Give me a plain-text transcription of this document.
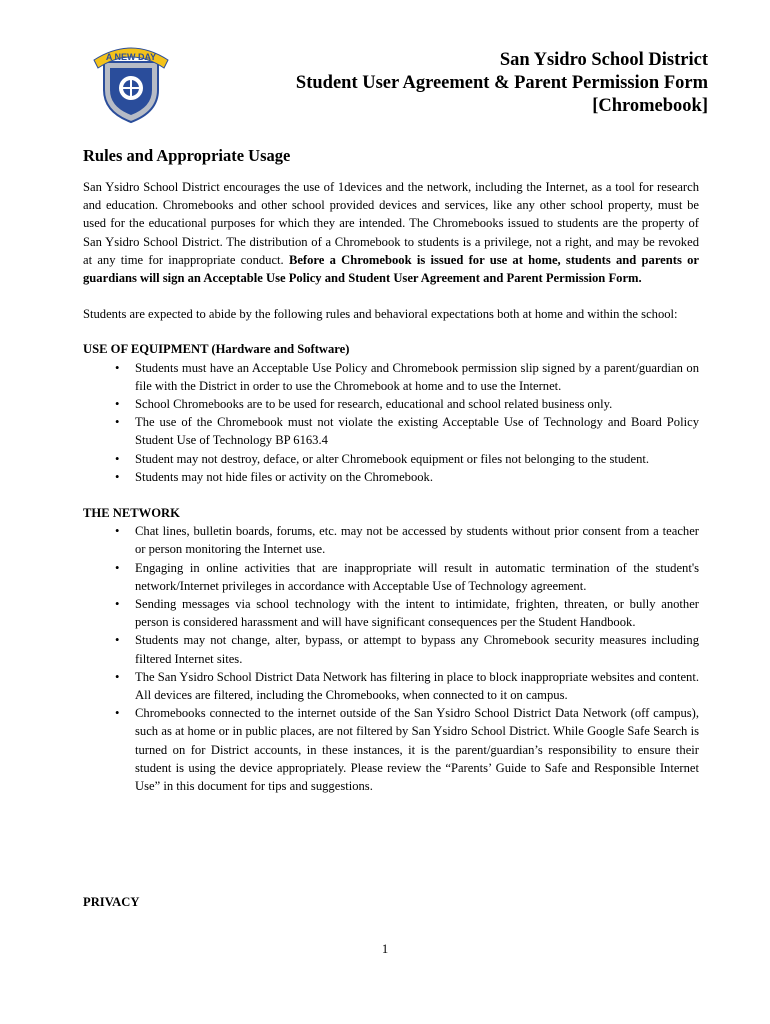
A NEW DAY	San Ysidro School District
Student User Agreement & Parent Permission Form
[Chromebook]
Rules and Appropriate Usage

San Ysidro School District encourages the use of 1devices and the network, including the Internet, as a tool for research and education. Chromebooks and other school provided devices and services, like any other school property, must be used for the educational purposes for which they are intended. The Chromebooks issued to students are the property of San Ysidro School District. The distribution of a Chromebook to students is a privilege, not a right, and may be revoked at any time for inappropriate conduct. Before a Chromebook is issued for use at home, students and parents or guardians will sign an Acceptable Use Policy and Student User Agreement and Parent Permission Form.

Students are expected to abide by the following rules and behavioral expectations both at home and within the school:

USE OF EQUIPMENT (Hardware and Software)
• Students must have an Acceptable Use Policy and Chromebook permission slip signed by a parent/guardian on file with the District in order to use the Chromebook at home and to use the Internet.
• School Chromebooks are to be used for research, educational and school related business only.
• The use of the Chromebook must not violate the existing Acceptable Use of Technology and Board Policy Student Use of Technology BP 6163.4
• Student may not destroy, deface, or alter Chromebook equipment or files not belonging to the student.
• Students may not hide files or activity on the Chromebook.
THE NETWORK
• Chat lines, bulletin boards, forums, etc. may not be accessed by students without prior consent from a teacher or person monitoring the Internet use.
• Engaging in online activities that are inappropriate will result in automatic termination of the student's network/Internet privileges in accordance with Acceptable Use of Technology agreement.
• Sending messages via school technology with the intent to intimidate, frighten, threaten, or bully another person is considered harassment and will have significant consequences per the Student Handbook.
• Students may not change, alter, bypass, or attempt to bypass any Chromebook security measures including filtered Internet sites.
• The San Ysidro School District Data Network has filtering in place to block inappropriate websites and content. All devices are filtered, including the Chromebooks, when connected to it on campus.
• Chromebooks connected to the internet outside of the San Ysidro School District Data Network (off campus), such as at home or in public places, are not filtered by San Ysidro School District. While Google Safe Search is turned on for District accounts, in these instances, it is the parent/guardian’s responsibility to ensure their student is using the device appropriately. Please review the “Parents’ Guide to Safe and Responsible Internet Use” in this document for tips and suggestions.
PRIVACY
1
